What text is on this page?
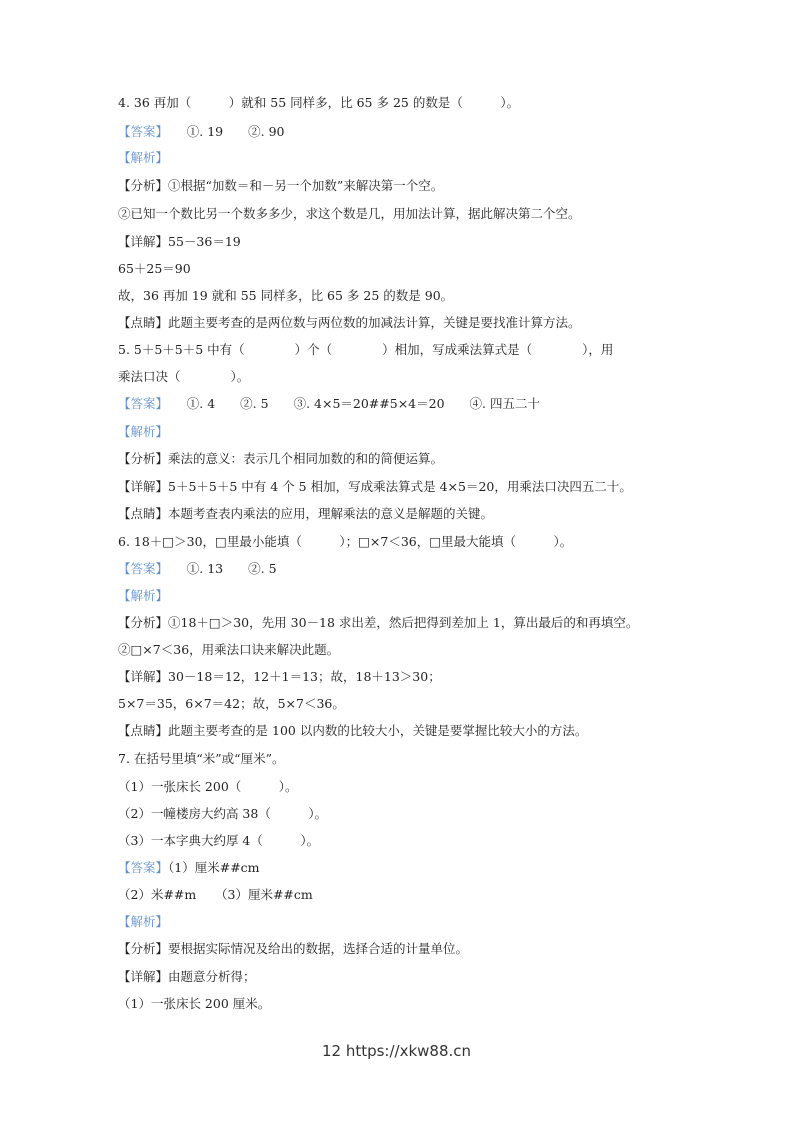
4. 36 再加（　　　）就和 55 同样多，比 65 多 25 的数是（　　　）。
【答案】　　①. 19　　②. 90
【解析】
【分析】①根据“加数＝和－另一个加数”来解决第一个空。
②已知一个数比另一个数多多少，求这个数是几，用加法计算，据此解决第二个空。
【详解】55－36＝19
65＋25＝90
故，36 再加 19 就和 55 同样多，比 65 多 25 的数是 90。
【点睛】此题主要考查的是两位数与两位数的加减法计算，关键是要找准计算方法。
5. 5＋5＋5＋5 中有（　　　　）个（　　　　）相加，写成乘法算式是（　　　　），用
乘法口决（　　　　）。
【答案】　　①. 4　　②. 5　　③. 4×5＝20##5×4＝20　　④. 四五二十
【解析】
【分析】乘法的意义：表示几个相同加数的和的简便运算。
【详解】5＋5＋5＋5 中有 4 个 5 相加，写成乘法算式是 4×5＝20，用乘法口决四五二十。
【点睛】本题考查表内乘法的应用，理解乘法的意义是解题的关键。
6. 18＋□＞30，□里最小能填（　　　）；□×7＜36，□里最大能填（　　　）。
【答案】　　①. 13　　②. 5
【解析】
【分析】①18＋□＞30，先用 30－18 求出差，然后把得到差加上 1，算出最后的和再填空。
②□×7＜36，用乘法口诀来解决此题。
【详解】30－18＝12，12＋1＝13；故，18＋13＞30；
5×7＝35，6×7＝42；故，5×7＜36。
【点睛】此题主要考查的是 100 以内数的比较大小，关键是要掌握比较大小的方法。
7. 在括号里填“米”或“厘米”。
（1）一张床长 200（　　　）。
（2）一幢楼房大约高 38（　　　）。
（3）一本字典大约厚 4（　　　）。
【答案】（1）厘米##cm
（2）米##m　　（3）厘米##cm
【解析】
【分析】要根据实际情况及给出的数据，选择合适的计量单位。
【详解】由题意分析得；
（1）一张床长 200 厘米。
12 https://xkw88.cn
